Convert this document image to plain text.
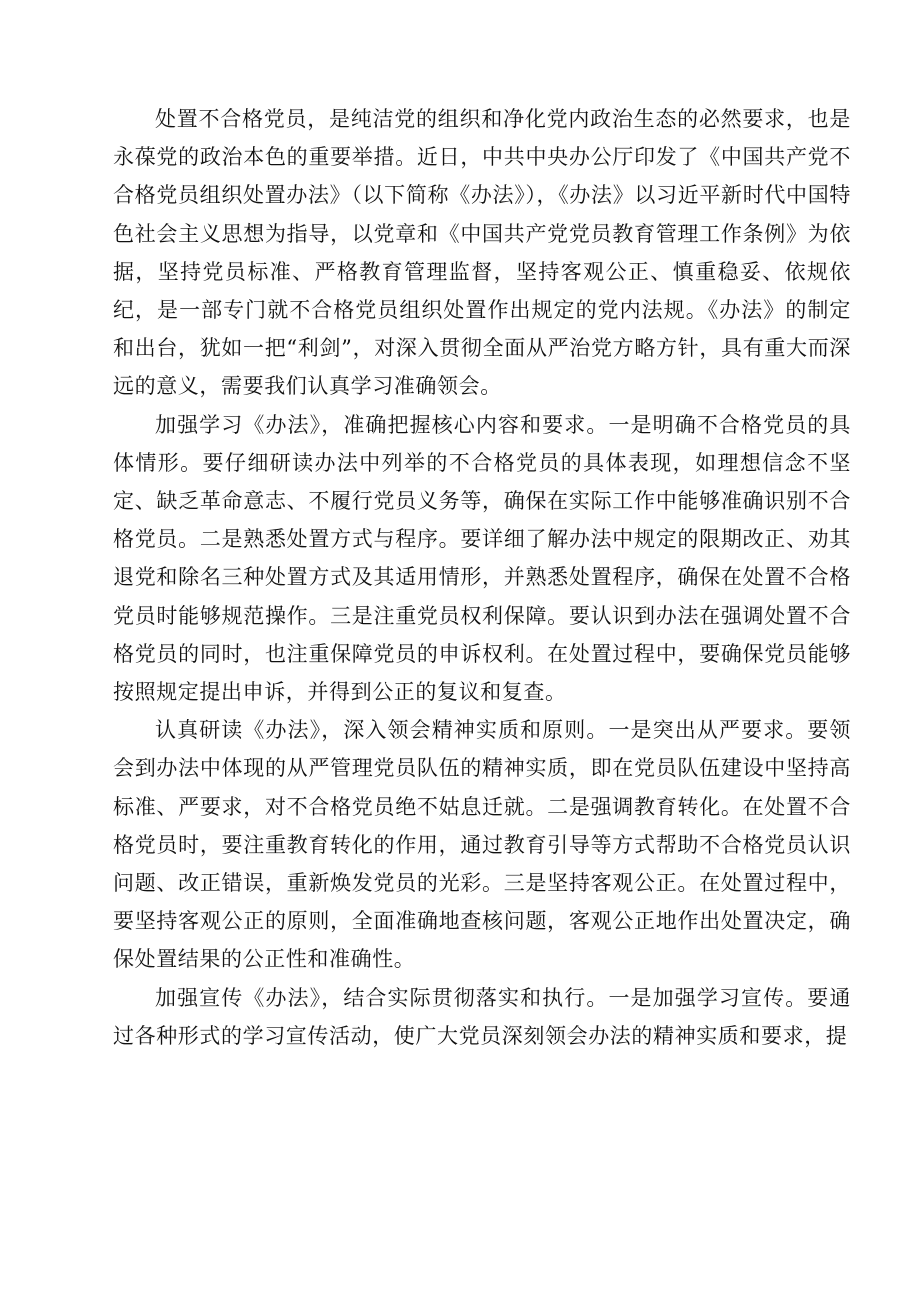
处置不合格党员，是纯洁党的组织和净化党内政治生态的必然要求，也是永葆党的政治本色的重要举措。近日，中共中央办公厅印发了《中国共产党不合格党员组织处置办法》（以下简称《办法》），《办法》以习近平新时代中国特色社会主义思想为指导，以党章和《中国共产党党员教育管理工作条例》为依据，坚持党员标准、严格教育管理监督，坚持客观公正、慎重稳妥、依规依纪，是一部专门就不合格党员组织处置作出规定的党内法规。《办法》的制定和出台，犹如一把“利剑”，对深入贯彻全面从严治党方略方针，具有重大而深远的意义，需要我们认真学习准确领会。

加强学习《办法》，准确把握核心内容和要求。一是明确不合格党员的具体情形。要仔细研读办法中列举的不合格党员的具体表现，如理想信念不坚定、缺乏革命意志、不履行党员义务等，确保在实际工作中能够准确识别不合格党员。二是熟悉处置方式与程序。要详细了解办法中规定的限期改正、劝其退党和除名三种处置方式及其适用情形，并熟悉处置程序，确保在处置不合格党员时能够规范操作。三是注重党员权利保障。要认识到办法在强调处置不合格党员的同时，也注重保障党员的申诉权利。在处置过程中，要确保党员能够按照规定提出申诉，并得到公正的复议和复查。

认真研读《办法》，深入领会精神实质和原则。一是突出从严要求。要领会到办法中体现的从严管理党员队伍的精神实质，即在党员队伍建设中坚持高标准、严要求，对不合格党员绝不姑息迁就。二是强调教育转化。在处置不合格党员时，要注重教育转化的作用，通过教育引导等方式帮助不合格党员认识问题、改正错误，重新焕发党员的光彩。三是坚持客观公正。在处置过程中，要坚持客观公正的原则，全面准确地查核问题，客观公正地作出处置决定，确保处置结果的公正性和准确性。

加强宣传《办法》，结合实际贯彻落实和执行。一是加强学习宣传。要通过各种形式的学习宣传活动，使广大党员深刻领会办法的精神实质和要求，提
